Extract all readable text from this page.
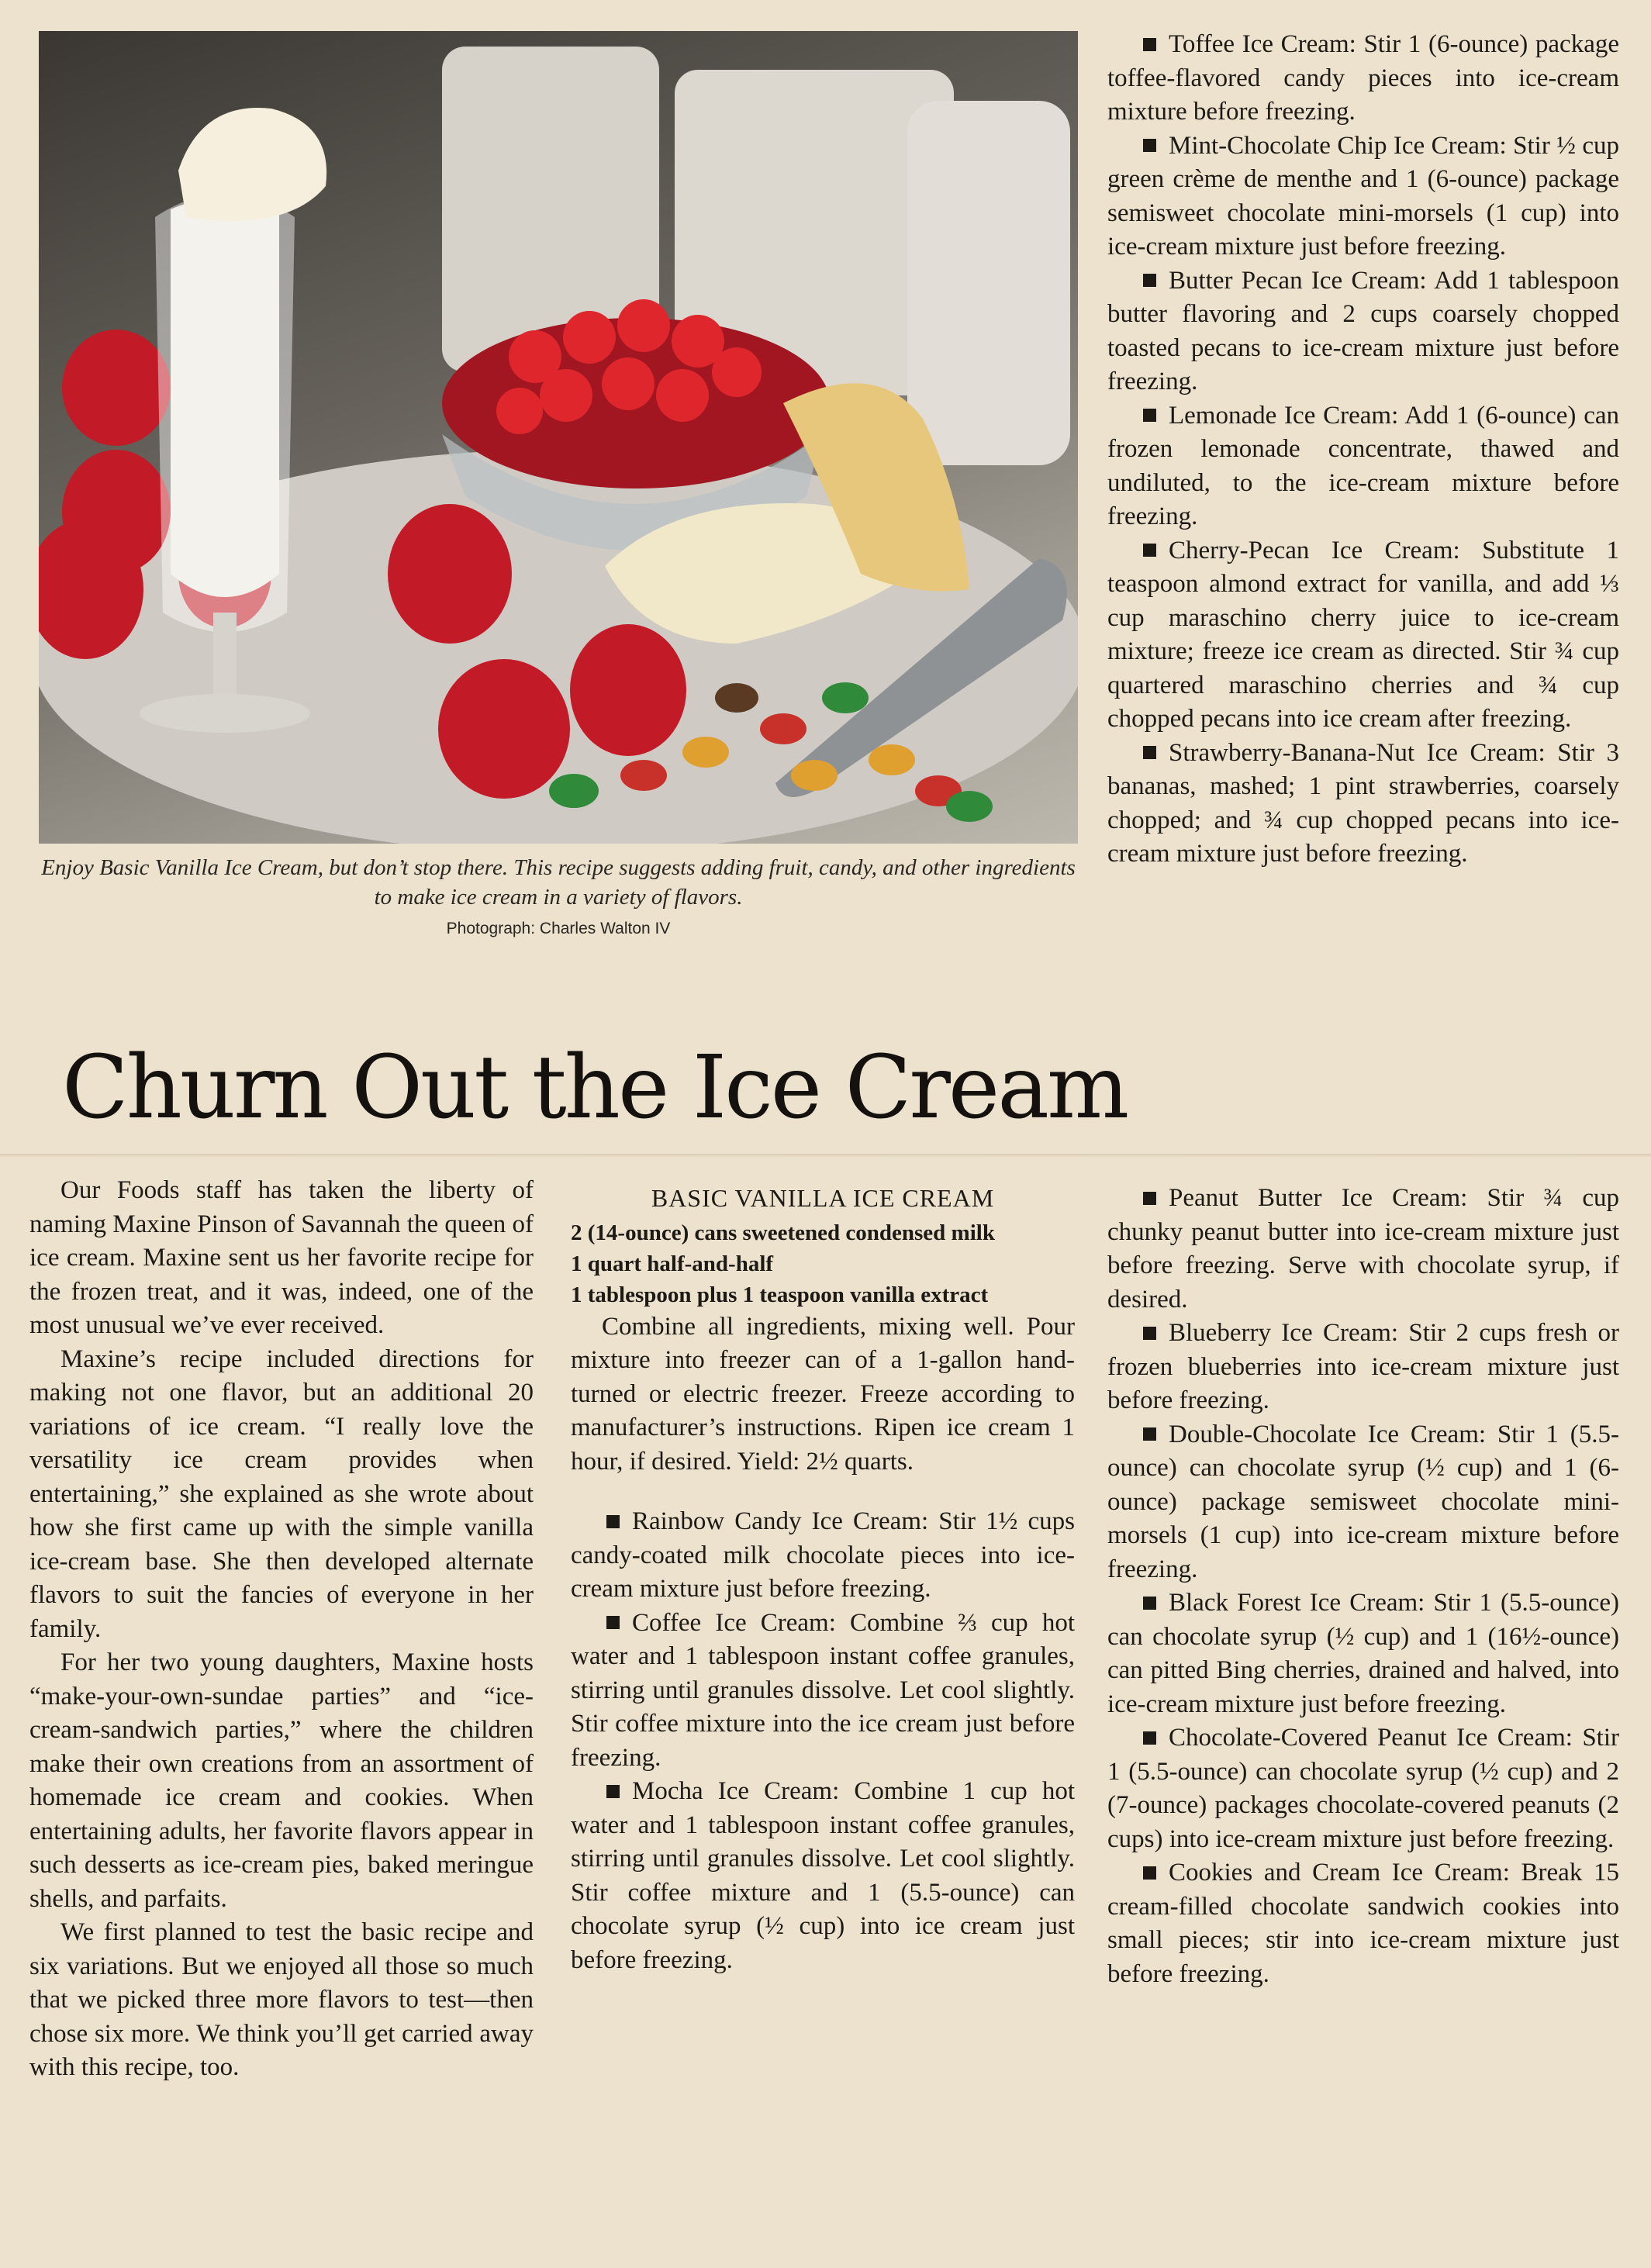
Enjoy Basic Vanilla Ice Cream, but don’t stop there. This recipe suggests adding fruit, candy, and other ingredients to make ice cream in a variety of flavors.
Photograph: Charles Walton IV
Churn Out the Ice Cream

Our Foods staff has taken the liberty of naming Maxine Pinson of Savannah the queen of ice cream. Maxine sent us her favorite recipe for the frozen treat, and it was, indeed, one of the most unusual we’ve ever received.

Maxine’s recipe included directions for making not one flavor, but an additional 20 variations of ice cream. “I really love the versatility ice cream provides when entertaining,” she explained as she wrote about how she first came up with the simple vanilla ice-cream base. She then developed alternate flavors to suit the fancies of everyone in her family.

For her two young daughters, Maxine hosts “make-your-own-sundae parties” and “ice-cream-sandwich parties,” where the children make their own creations from an assortment of homemade ice cream and cookies. When entertaining adults, her favorite flavors appear in such desserts as ice-cream pies, baked meringue shells, and parfaits.

We first planned to test the basic recipe and six variations. But we enjoyed all those so much that we picked three more flavors to test—then chose six more. We think you’ll get carried away with this recipe, too.

BASIC VANILLA ICE CREAM
2 (14-ounce) cans sweetened condensed milk
1 quart half-and-half
1 tablespoon plus 1 teaspoon vanilla extract

Combine all ingredients, mixing well. Pour mixture into freezer can of a 1-gallon hand-turned or electric freezer. Freeze according to manufacturer’s instructions. Ripen ice cream 1 hour, if desired. Yield: 2½ quarts.

Rainbow Candy Ice Cream: Stir 1½ cups candy-coated milk chocolate pieces into ice-cream mixture just before freezing.

Coffee Ice Cream: Combine ⅔ cup hot water and 1 tablespoon instant coffee granules, stirring until granules dissolve. Let cool slightly. Stir coffee mixture into the ice cream just before freezing.

Mocha Ice Cream: Combine 1 cup hot water and 1 tablespoon instant coffee granules, stirring until granules dissolve. Let cool slightly. Stir coffee mixture and 1 (5.5-ounce) can chocolate syrup (½ cup) into ice cream just before freezing.

Toffee Ice Cream: Stir 1 (6-ounce) package toffee-flavored candy pieces into ice-cream mixture before freezing.

Mint-Chocolate Chip Ice Cream: Stir ½ cup green crème de menthe and 1 (6-ounce) package semisweet chocolate mini-morsels (1 cup) into ice-cream mixture just before freezing.

Butter Pecan Ice Cream: Add 1 tablespoon butter flavoring and 2 cups coarsely chopped toasted pecans to ice-cream mixture just before freezing.

Lemonade Ice Cream: Add 1 (6-ounce) can frozen lemonade concentrate, thawed and undiluted, to the ice-cream mixture before freezing.

Cherry-Pecan Ice Cream: Substitute 1 teaspoon almond extract for vanilla, and add ⅓ cup maraschino cherry juice to ice-cream mixture; freeze ice cream as directed. Stir ¾ cup quartered maraschino cherries and ¾ cup chopped pecans into ice cream after freezing.

Strawberry-Banana-Nut Ice Cream: Stir 3 bananas, mashed; 1 pint strawberries, coarsely chopped; and ¾ cup chopped pecans into ice-cream mixture just before freezing.

Peanut Butter Ice Cream: Stir ¾ cup chunky peanut butter into ice-cream mixture just before freezing. Serve with chocolate syrup, if desired.

Blueberry Ice Cream: Stir 2 cups fresh or frozen blueberries into ice-cream mixture just before freezing.

Double-Chocolate Ice Cream: Stir 1 (5.5-ounce) can chocolate syrup (½ cup) and 1 (6-ounce) package semisweet chocolate mini-morsels (1 cup) into ice-cream mixture before freezing.

Black Forest Ice Cream: Stir 1 (5.5-ounce) can chocolate syrup (½ cup) and 1 (16½-ounce) can pitted Bing cherries, drained and halved, into ice-cream mixture just before freezing.

Chocolate-Covered Peanut Ice Cream: Stir 1 (5.5-ounce) can chocolate syrup (½ cup) and 2 (7-ounce) packages chocolate-covered peanuts (2 cups) into ice-cream mixture just before freezing.

Cookies and Cream Ice Cream: Break 15 cream-filled chocolate sandwich cookies into small pieces; stir into ice-cream mixture just before freezing.
